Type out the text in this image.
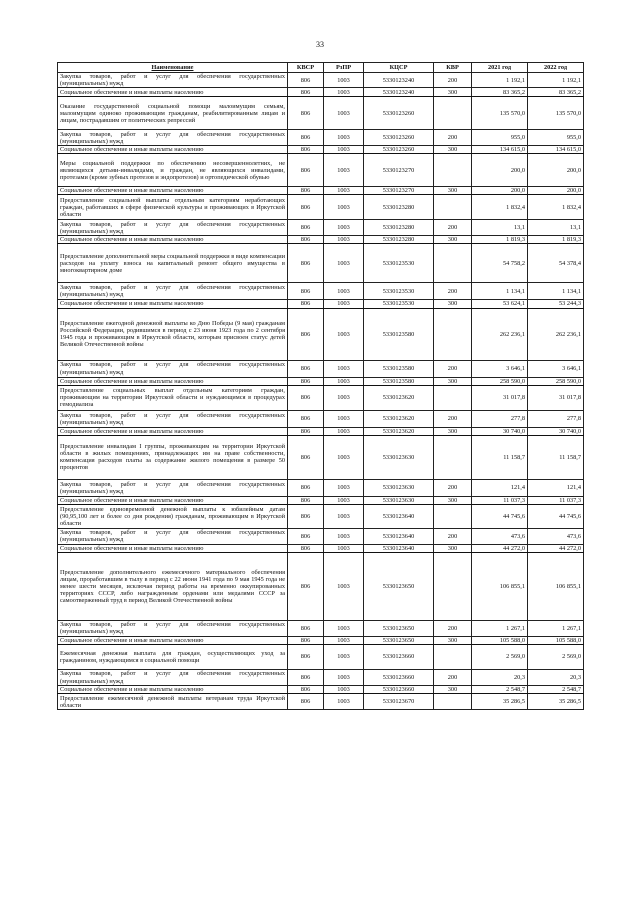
33
Наименование	КВСР	РзПР	КЦСР	КВР	2021 год	2022 год
Закупка товаров, работ и услуг для обеспечения государственных (муниципальных) нужд	806	1003	5330123240	200	1 192,1	1 192,1
Социальное обеспечение и иные выплаты населению	806	1003	5330123240	300	83 365,2	83 365,2
Оказание государственной социальной помощи малоимущим семьям, малоимущим одиноко проживающим гражданам, реабилитированным лицам и лицам, пострадавшим от политических репрессий	806	1003	5330123260		135 570,0	135 570,0
Закупка товаров, работ и услуг для обеспечения государственных (муниципальных) нужд	806	1003	5330123260	200	955,0	955,0
Социальное обеспечение и иные выплаты населению	806	1003	5330123260	300	134 615,0	134 615,0
Меры социальной поддержки по обеспечению несовершеннолетних, не являющихся детьми-инвалидами, и граждан, не являющихся инвалидами, протезами (кроме зубных протезов и эндопротезов) и ортопедической обувью	806	1003	5330123270		200,0	200,0
Социальное обеспечение и иные выплаты населению	806	1003	5330123270	300	200,0	200,0
Предоставление социальной выплаты отдельным категориям неработающих граждан, работавших в сфере физической культуры и проживающих в Иркутской области	806	1003	5330123280		1 832,4	1 832,4
Закупка товаров, работ и услуг для обеспечения государственных (муниципальных) нужд	806	1003	5330123280	200	13,1	13,1
Социальное обеспечение и иные выплаты населению	806	1003	5330123280	300	1 819,3	1 819,3
Предоставление дополнительной меры социальной поддержки в виде компенсации расходов на уплату взноса на капитальный ремонт общего имущества в многоквартирном доме	806	1003	5330123530		54 758,2	54 378,4
Закупка товаров, работ и услуг для обеспечения государственных (муниципальных) нужд	806	1003	5330123530	200	1 134,1	1 134,1
Социальное обеспечение и иные выплаты населению	806	1003	5330123530	300	53 624,1	53 244,3
Предоставление ежегодной денежной выплаты ко Дню Победы (9 мая) гражданам Российской Федерации, родившимся в период с 23 июня 1923 года по 2 сентября 1945 года и проживающим в Иркутской области, которым присвоен статус детей Великой Отечественной войны	806	1003	5330123580		262 236,1	262 236,1
Закупка товаров, работ и услуг для обеспечения государственных (муниципальных) нужд	806	1003	5330123580	200	3 646,1	3 646,1
Социальное обеспечение и иные выплаты населению	806	1003	5330123580	300	258 590,0	258 590,0
Предоставление социальных выплат отдельным категориям граждан, проживающим на территории Иркутской области и нуждающимся в процедурах гемодиализа	806	1003	5330123620		31 017,8	31 017,8
Закупка товаров, работ и услуг для обеспечения государственных (муниципальных) нужд	806	1003	5330123620	200	277,8	277,8
Социальное обеспечение и иные выплаты населению	806	1003	5330123620	300	30 740,0	30 740,0
Предоставление инвалидам I группы, проживающим на территории Иркутской области в жилых помещениях, принадлежащих им на праве собственности, компенсация расходов платы за содержание жилого помещения в размере 50 процентов	806	1003	5330123630		11 158,7	11 158,7
Закупка товаров, работ и услуг для обеспечения государственных (муниципальных) нужд	806	1003	5330123630	200	121,4	121,4
Социальное обеспечение и иные выплаты населению	806	1003	5330123630	300	11 037,3	11 037,3
Предоставление единовременной денежной выплаты к юбилейным датам (90,95,100 лет и более со дня рождения) гражданам, проживающим в Иркутской области	806	1003	5330123640		44 745,6	44 745,6
Закупка товаров, работ и услуг для обеспечения государственных (муниципальных) нужд	806	1003	5330123640	200	473,6	473,6
Социальное обеспечение и иные выплаты населению	806	1003	5330123640	300	44 272,0	44 272,0
Предоставление дополнительного ежемесячного материального обеспечения лицам, проработавшим в тылу в период с 22 июня 1941 года по 9 мая 1945 года не менее шести месяцев, исключая период работы на временно оккупированных территориях СССР, либо награжденным орденами или медалями СССР за самоотверженный труд в период Великой Отечественной войны	806	1003	5330123650		106 855,1	106 855,1
Закупка товаров, работ и услуг для обеспечения государственных (муниципальных) нужд	806	1003	5330123650	200	1 267,1	1 267,1
Социальное обеспечение и иные выплаты населению	806	1003	5330123650	300	105 588,0	105 588,0
Ежемесячная денежная выплата для граждан, осуществляющих уход за гражданином, нуждающимся в социальной помощи	806	1003	5330123660		2 569,0	2 569,0
Закупка товаров, работ и услуг для обеспечения государственных (муниципальных) нужд	806	1003	5330123660	200	20,3	20,3
Социальное обеспечение и иные выплаты населению	806	1003	5330123660	300	2 548,7	2 548,7
Предоставление ежемесячной денежной выплаты ветеранам труда Иркутской области	806	1003	5330123670		35 286,5	35 286,5
